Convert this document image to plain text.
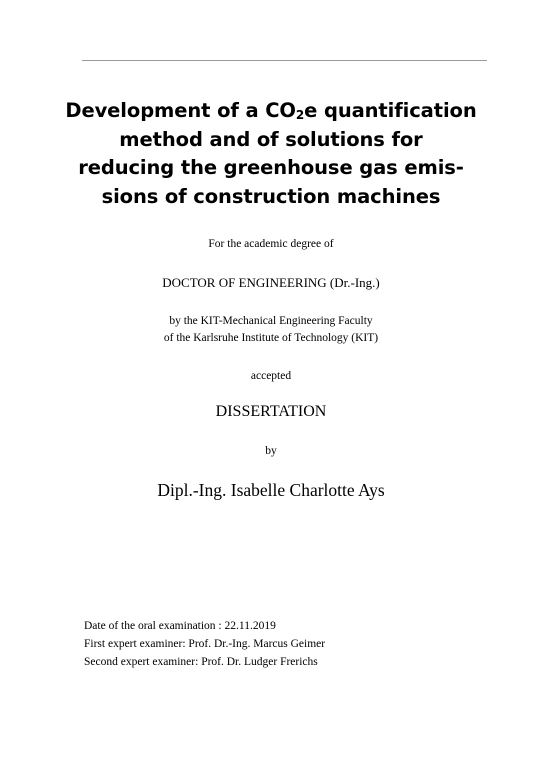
Development of a $CO_2e$ quantification
method and of solutions for
reducing the greenhouse gas emis-
sions of construction machines
For the academic degree of
DOCTOR OF ENGINEERING (Dr.-Ing.)
by the KIT-Mechanical Engineering Faculty
of the Karlsruhe Institute of Technology (KIT)
accepted
DISSERTATION
by
Dipl.-Ing. Isabelle Charlotte Ays
Date of the oral examination : 22.11.2019
First expert examiner: Prof. Dr.-Ing. Marcus Geimer
Second expert examiner: Prof. Dr. Ludger Frerichs
